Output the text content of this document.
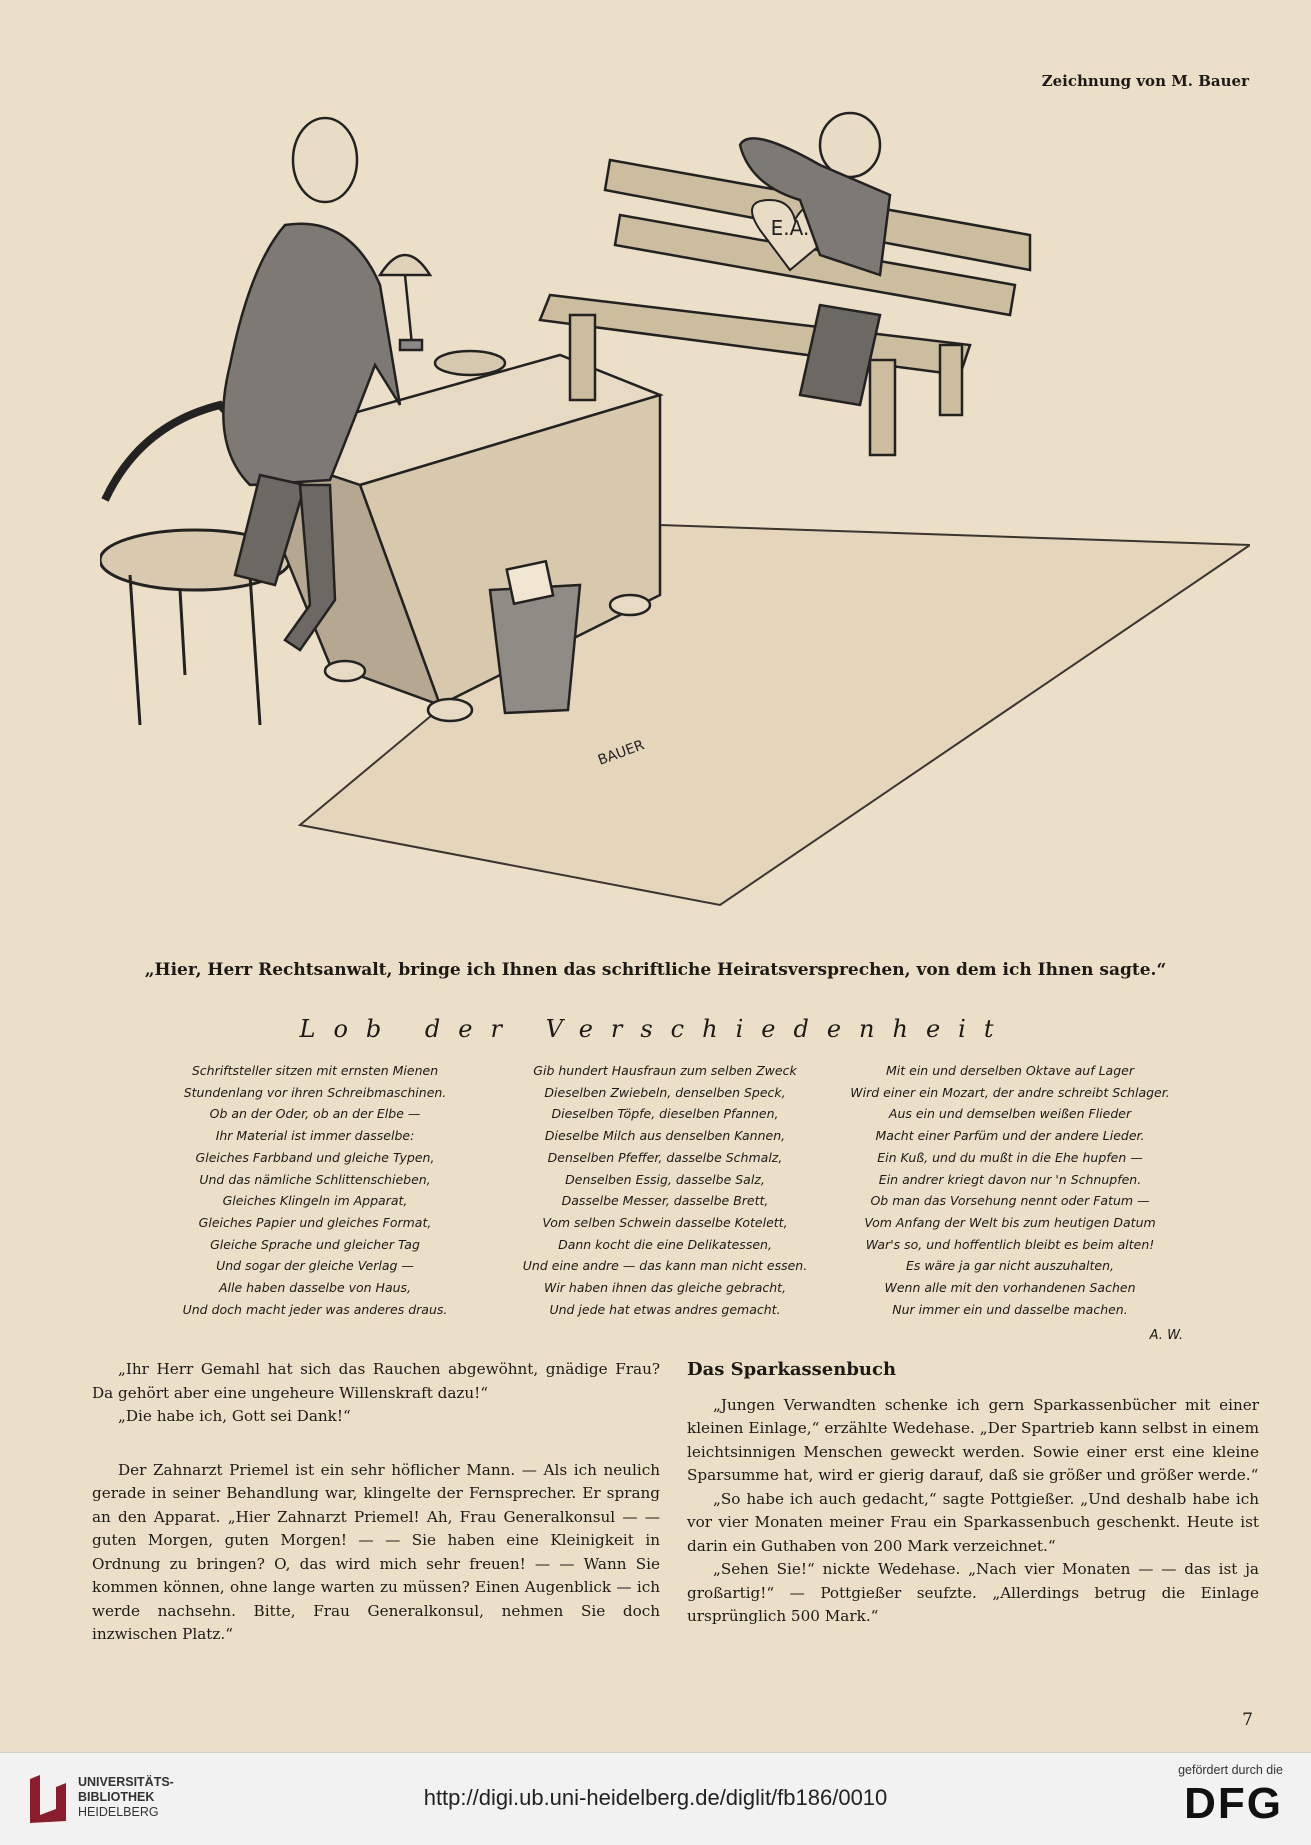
Zeichnung von M. Bauer
E.A.
BAUER
„Hier, Herr Rechtsanwalt, bringe ich Ihnen das schriftliche Heiratsversprechen, von dem ich Ihnen sagte.“
Lob der Verschiedenheit
Schriftsteller sitzen mit ernsten Mienen
Stundenlang vor ihren Schreibmaschinen.
Ob an der Oder, ob an der Elbe —
Ihr Material ist immer dasselbe:
Gleiches Farbband und gleiche Typen,
Und das nämliche Schlittenschieben,
Gleiches Klingeln im Apparat,
Gleiches Papier und gleiches Format,
Gleiche Sprache und gleicher Tag
Und sogar der gleiche Verlag —
Alle haben dasselbe von Haus,
Und doch macht jeder was anderes draus.
Gib hundert Hausfraun zum selben Zweck
Dieselben Zwiebeln, denselben Speck,
Dieselben Töpfe, dieselben Pfannen,
Dieselbe Milch aus denselben Kannen,
Denselben Pfeffer, dasselbe Schmalz,
Denselben Essig, dasselbe Salz,
Dasselbe Messer, dasselbe Brett,
Vom selben Schwein dasselbe Kotelett,
Dann kocht die eine Delikatessen,
Und eine andre — das kann man nicht essen.
Wir haben ihnen das gleiche gebracht,
Und jede hat etwas andres gemacht.
Mit ein und derselben Oktave auf Lager
Wird einer ein Mozart, der andre schreibt Schlager.
Aus ein und demselben weißen Flieder
Macht einer Parfüm und der andere Lieder.
Ein Kuß, und du mußt in die Ehe hupfen —
Ein andrer kriegt davon nur 'n Schnupfen.
Ob man das Vorsehung nennt oder Fatum —
Vom Anfang der Welt bis zum heutigen Datum
War's so, und hoffentlich bleibt es beim alten!
Es wäre ja gar nicht auszuhalten,
Wenn alle mit den vorhandenen Sachen
Nur immer ein und dasselbe machen.
A. W.

„Ihr Herr Gemahl hat sich das Rauchen abgewöhnt, gnädige Frau? Da gehört aber eine ungeheure Willenskraft dazu!“

„Die habe ich, Gott sei Dank!“

Der Zahnarzt Priemel ist ein sehr höflicher Mann. — Als ich neulich gerade in seiner Behandlung war, klingelte der Fernsprecher. Er sprang an den Apparat. „Hier Zahnarzt Priemel! Ah, Frau Generalkonsul — — guten Morgen, guten Morgen! — — Sie haben eine Kleinigkeit in Ordnung zu bringen? O, das wird mich sehr freuen! — — Wann Sie kommen können, ohne lange warten zu müssen? Einen Augenblick — ich werde nachsehn. Bitte, Frau Generalkonsul, nehmen Sie doch inzwischen Platz.“

Das Sparkassenbuch

„Jungen Verwandten schenke ich gern Sparkassenbücher mit einer kleinen Einlage,“ erzählte Wedehase. „Der Spartrieb kann selbst in einem leichtsinnigen Menschen geweckt werden. Sowie einer erst eine kleine Sparsumme hat, wird er gierig darauf, daß sie größer und größer werde.“

„So habe ich auch gedacht,“ sagte Pottgießer. „Und deshalb habe ich vor vier Monaten meiner Frau ein Sparkassenbuch geschenkt. Heute ist darin ein Guthaben von 200 Mark verzeichnet.“

„Sehen Sie!“ nickte Wedehase. „Nach vier Monaten — — das ist ja großartig!“ — Pottgießer seufzte. „Allerdings betrug die Einlage ursprünglich 500 Mark.“

7
UNIVERSITÄTS-
BIBLIOTHEK
HEIDELBERG
http://digi.ub.uni-heidelberg.de/diglit/fb186/0010
gefördert durch die
DFG
